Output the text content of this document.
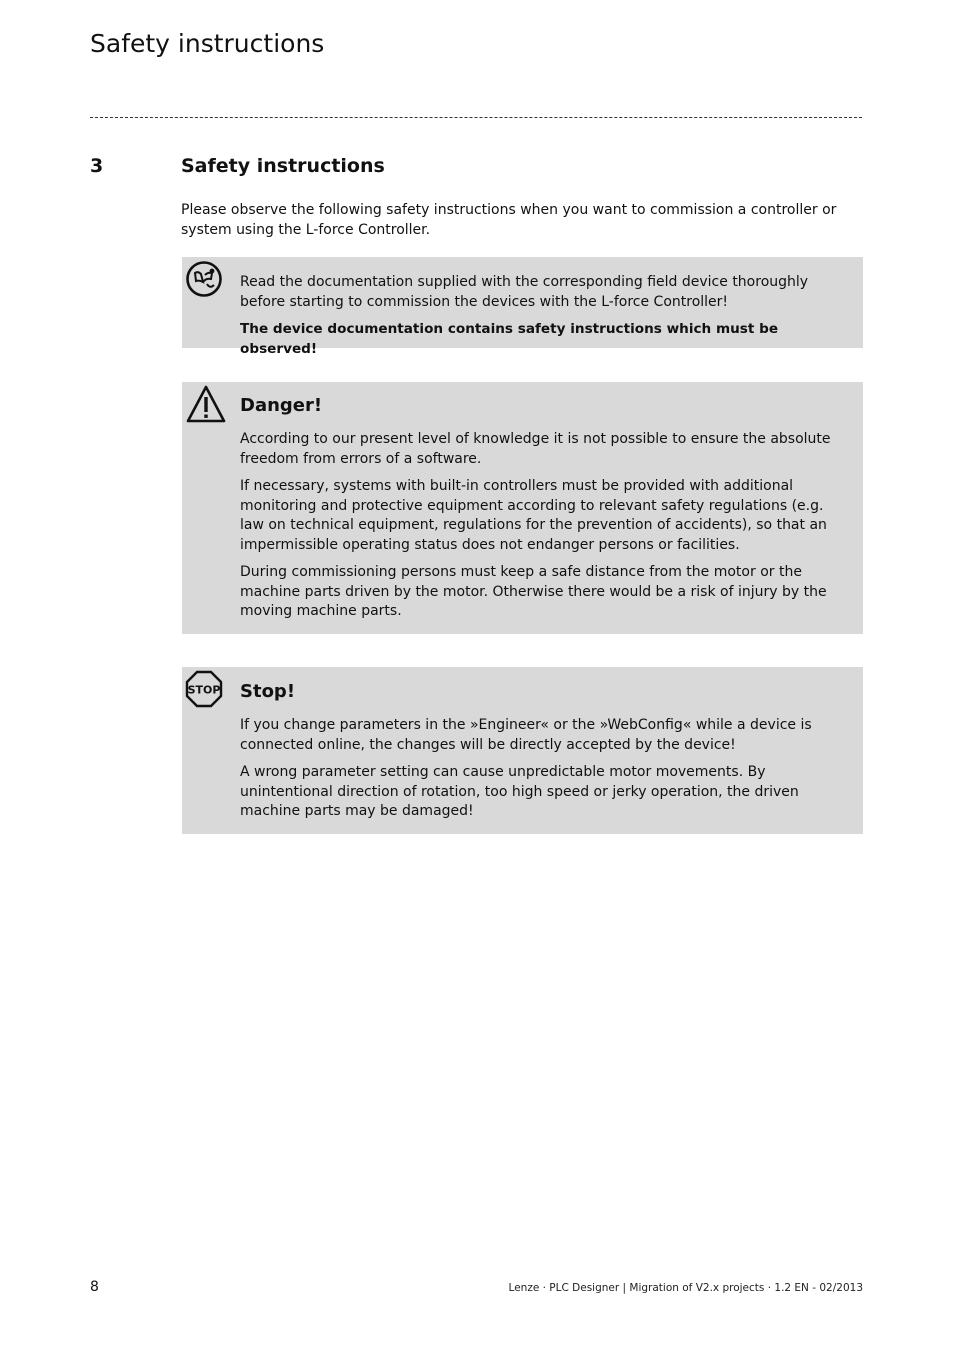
Safety instructions
3	Safety instructions

Please observe the following safety instructions when you want to commission a controller or system using the L-force Controller.

Read the documentation supplied with the corresponding field device thoroughly before starting to commission the devices with the L-force Controller!

The device documentation contains safety instructions which must be observed!

Danger!

According to our present level of knowledge it is not possible to ensure the absolute freedom from errors of a software.

If necessary, systems with built-in controllers must be provided with additional monitoring and protective equipment according to relevant safety regulations (e.g. law on technical equipment, regulations for the prevention of accidents), so that an impermissible operating status does not endanger persons or facilities.

During commissioning persons must keep a safe distance from the motor or the machine parts driven by the motor. Otherwise there would be a risk of injury by the moving machine parts.

STOP Stop!

If you change parameters in the »Engineer« or the »WebConfig« while a device is connected online, the changes will be directly accepted by the device!

A wrong parameter setting can cause unpredictable motor movements. By unintentional direction of rotation, too high speed or jerky operation, the driven machine parts may be damaged!

8	Lenze · PLC Designer | Migration of V2.x projects · 1.2 EN - 02/2013
